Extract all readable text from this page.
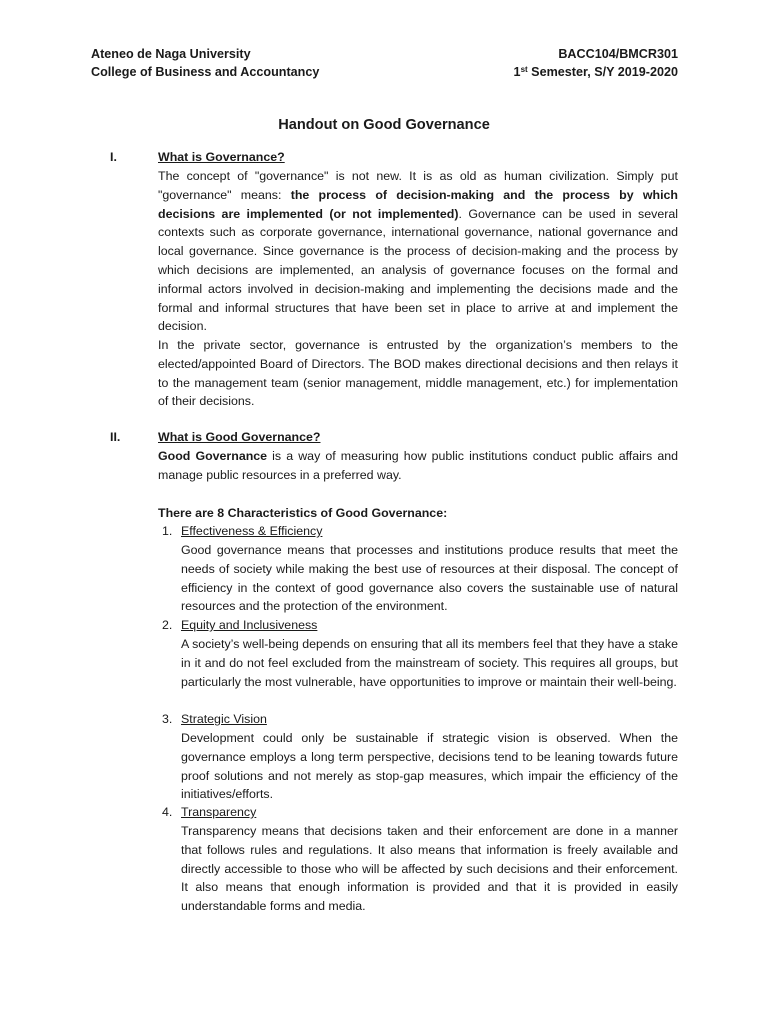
Ateneo de Naga University
College of Business and Accountancy
BACC104/BMCR301
1st Semester, S/Y 2019-2020
Handout on Good Governance
I.	What is Governance?
The concept of "governance" is not new. It is as old as human civilization. Simply put "governance" means: the process of decision-making and the process by which decisions are implemented (or not implemented). Governance can be used in several contexts such as corporate governance, international governance, national governance and local governance. Since governance is the process of decision-making and the process by which decisions are implemented, an analysis of governance focuses on the formal and informal actors involved in decision-making and implementing the decisions made and the formal and informal structures that have been set in place to arrive at and implement the decision.
In the private sector, governance is entrusted by the organization’s members to the elected/appointed Board of Directors. The BOD makes directional decisions and then relays it to the management team (senior management, middle management, etc.) for implementation of their decisions.
II.	What is Good Governance?
Good Governance is a way of measuring how public institutions conduct public affairs and manage public resources in a preferred way.
There are 8 Characteristics of Good Governance:
1. Effectiveness & Efficiency
Good governance means that processes and institutions produce results that meet the needs of society while making the best use of resources at their disposal. The concept of efficiency in the context of good governance also covers the sustainable use of natural resources and the protection of the environment.
2. Equity and Inclusiveness
A society’s well-being depends on ensuring that all its members feel that they have a stake in it and do not feel excluded from the mainstream of society. This requires all groups, but particularly the most vulnerable, have opportunities to improve or maintain their well-being.
3. Strategic Vision
Development could only be sustainable if strategic vision is observed. When the governance employs a long term perspective, decisions tend to be leaning towards future proof solutions and not merely as stop-gap measures, which impair the efficiency of the initiatives/efforts.
4. Transparency
Transparency means that decisions taken and their enforcement are done in a manner that follows rules and regulations. It also means that information is freely available and directly accessible to those who will be affected by such decisions and their enforcement. It also means that enough information is provided and that it is provided in easily understandable forms and media.
